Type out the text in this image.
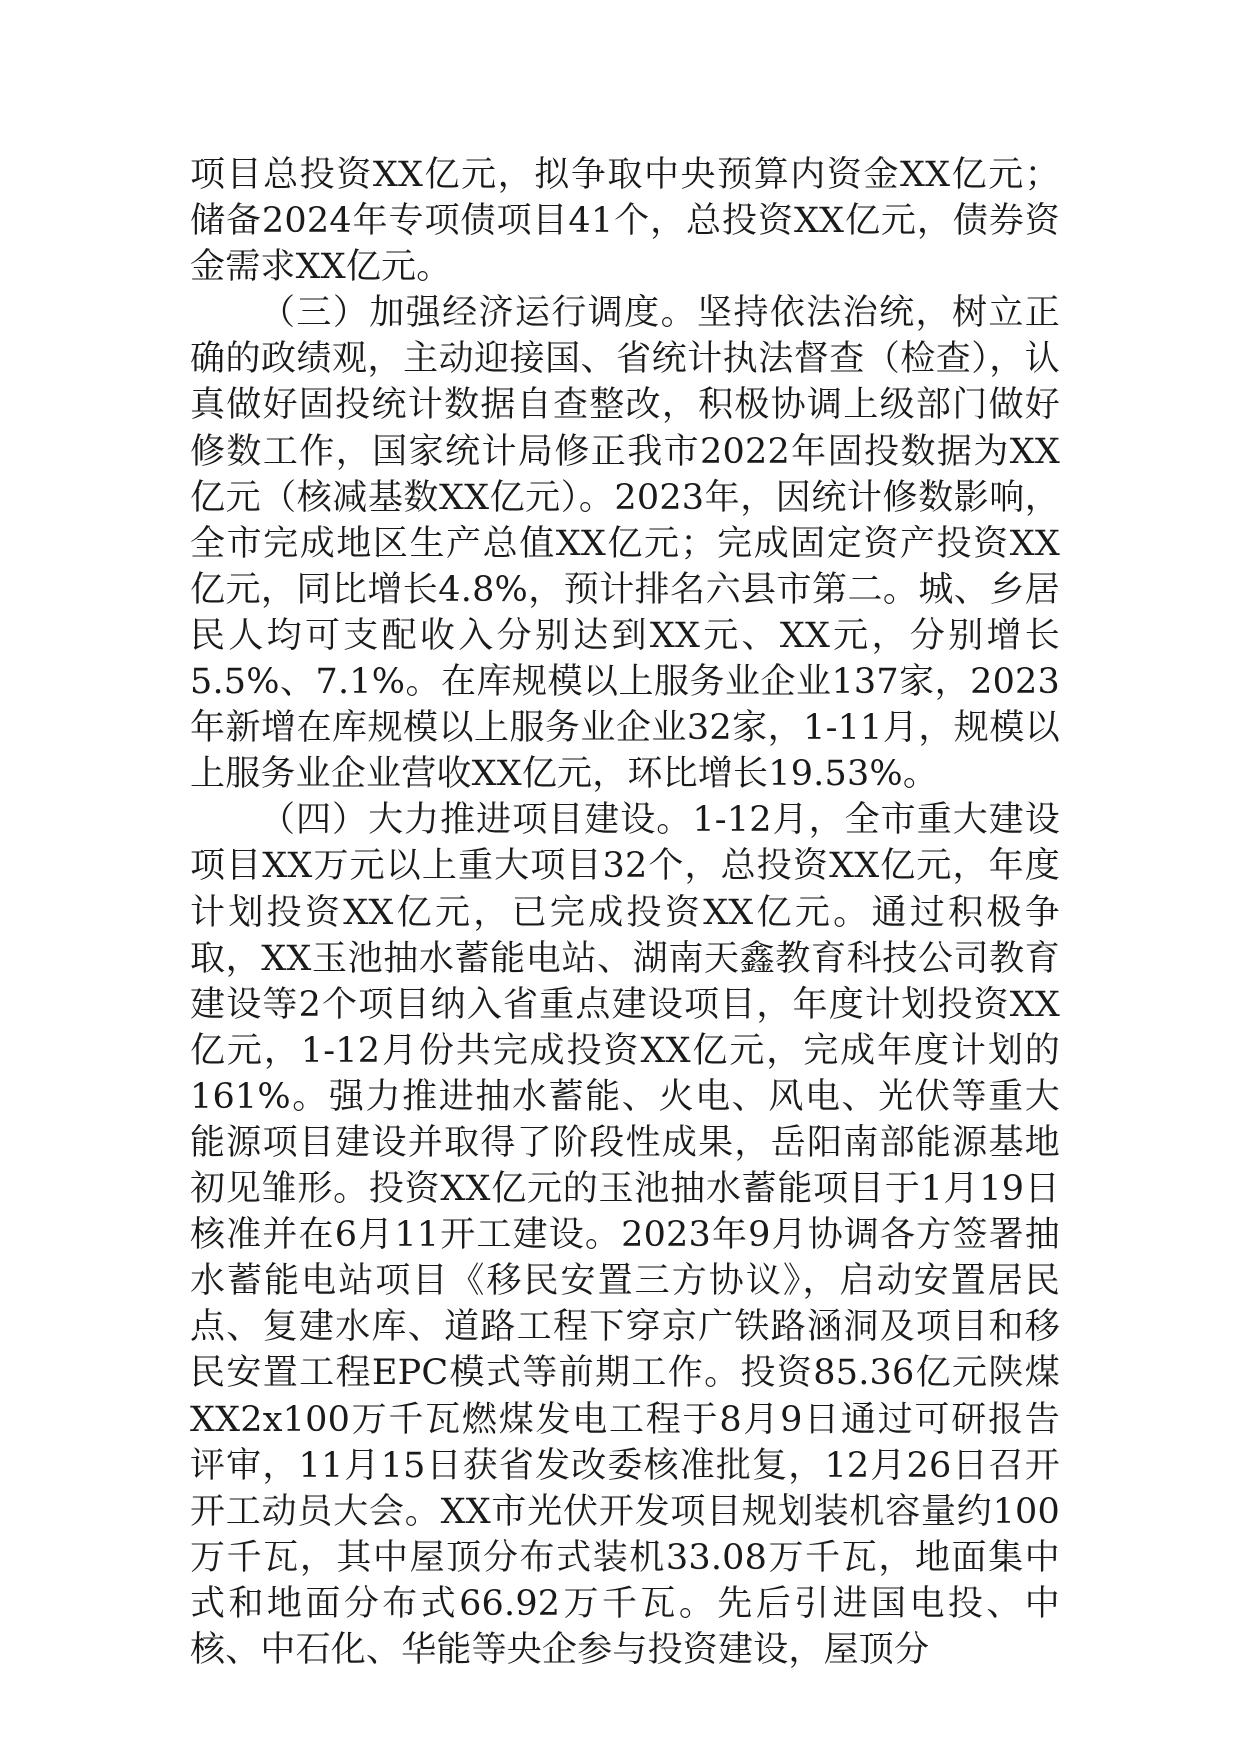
项目总投资XX亿元，拟争取中央预算内资金XX亿元；储备2024年专项债项目41个，总投资XX亿元，债券资金需求XX亿元。

（三）加强经济运行调度。坚持依法治统，树立正确的政绩观，主动迎接国、省统计执法督查（检查），认真做好固投统计数据自查整改，积极协调上级部门做好修数工作，国家统计局修正我市2022年固投数据为XX亿元（核减基数XX亿元）。2023年，因统计修数影响，全市完成地区生产总值XX亿元；完成固定资产投资XX亿元，同比增长4.8%，预计排名六县市第二。城、乡居民人均可支配收入分别达到XX元、XX元，分别增长5.5%、7.1%。在库规模以上服务业企业137家，2023年新增在库规模以上服务业企业32家，1-11月，规模以上服务业企业营收XX亿元，环比增长19.53%。

（四）大力推进项目建设。1-12月，全市重大建设项目XX万元以上重大项目32个，总投资XX亿元，年度计划投资XX亿元，已完成投资XX亿元。通过积极争取，XX玉池抽水蓄能电站、湖南天鑫教育科技公司教育建设等2个项目纳入省重点建设项目，年度计划投资XX亿元，1-12月份共完成投资XX亿元，完成年度计划的161%。强力推进抽水蓄能、火电、风电、光伏等重大能源项目建设并取得了阶段性成果，岳阳南部能源基地初见雏形。投资XX亿元的玉池抽水蓄能项目于1月19日核准并在6月11开工建设。2023年9月协调各方签署抽水蓄能电站项目《移民安置三方协议》，启动安置居民点、复建水库、道路工程下穿京广铁路涵洞及项目和移民安置工程EPC模式等前期工作。投资85.36亿元陕煤XX2x100万千瓦燃煤发电工程于8月9日通过可研报告评审，11月15日获省发改委核准批复，12月26日召开开工动员大会。XX市光伏开发项目规划装机容量约100万千瓦，其中屋顶分布式装机33.08万千瓦，地面集中式和地面分布式66.92万千瓦。先后引进国电投、中核、中石化、华能等央企参与投资建设，屋顶分
